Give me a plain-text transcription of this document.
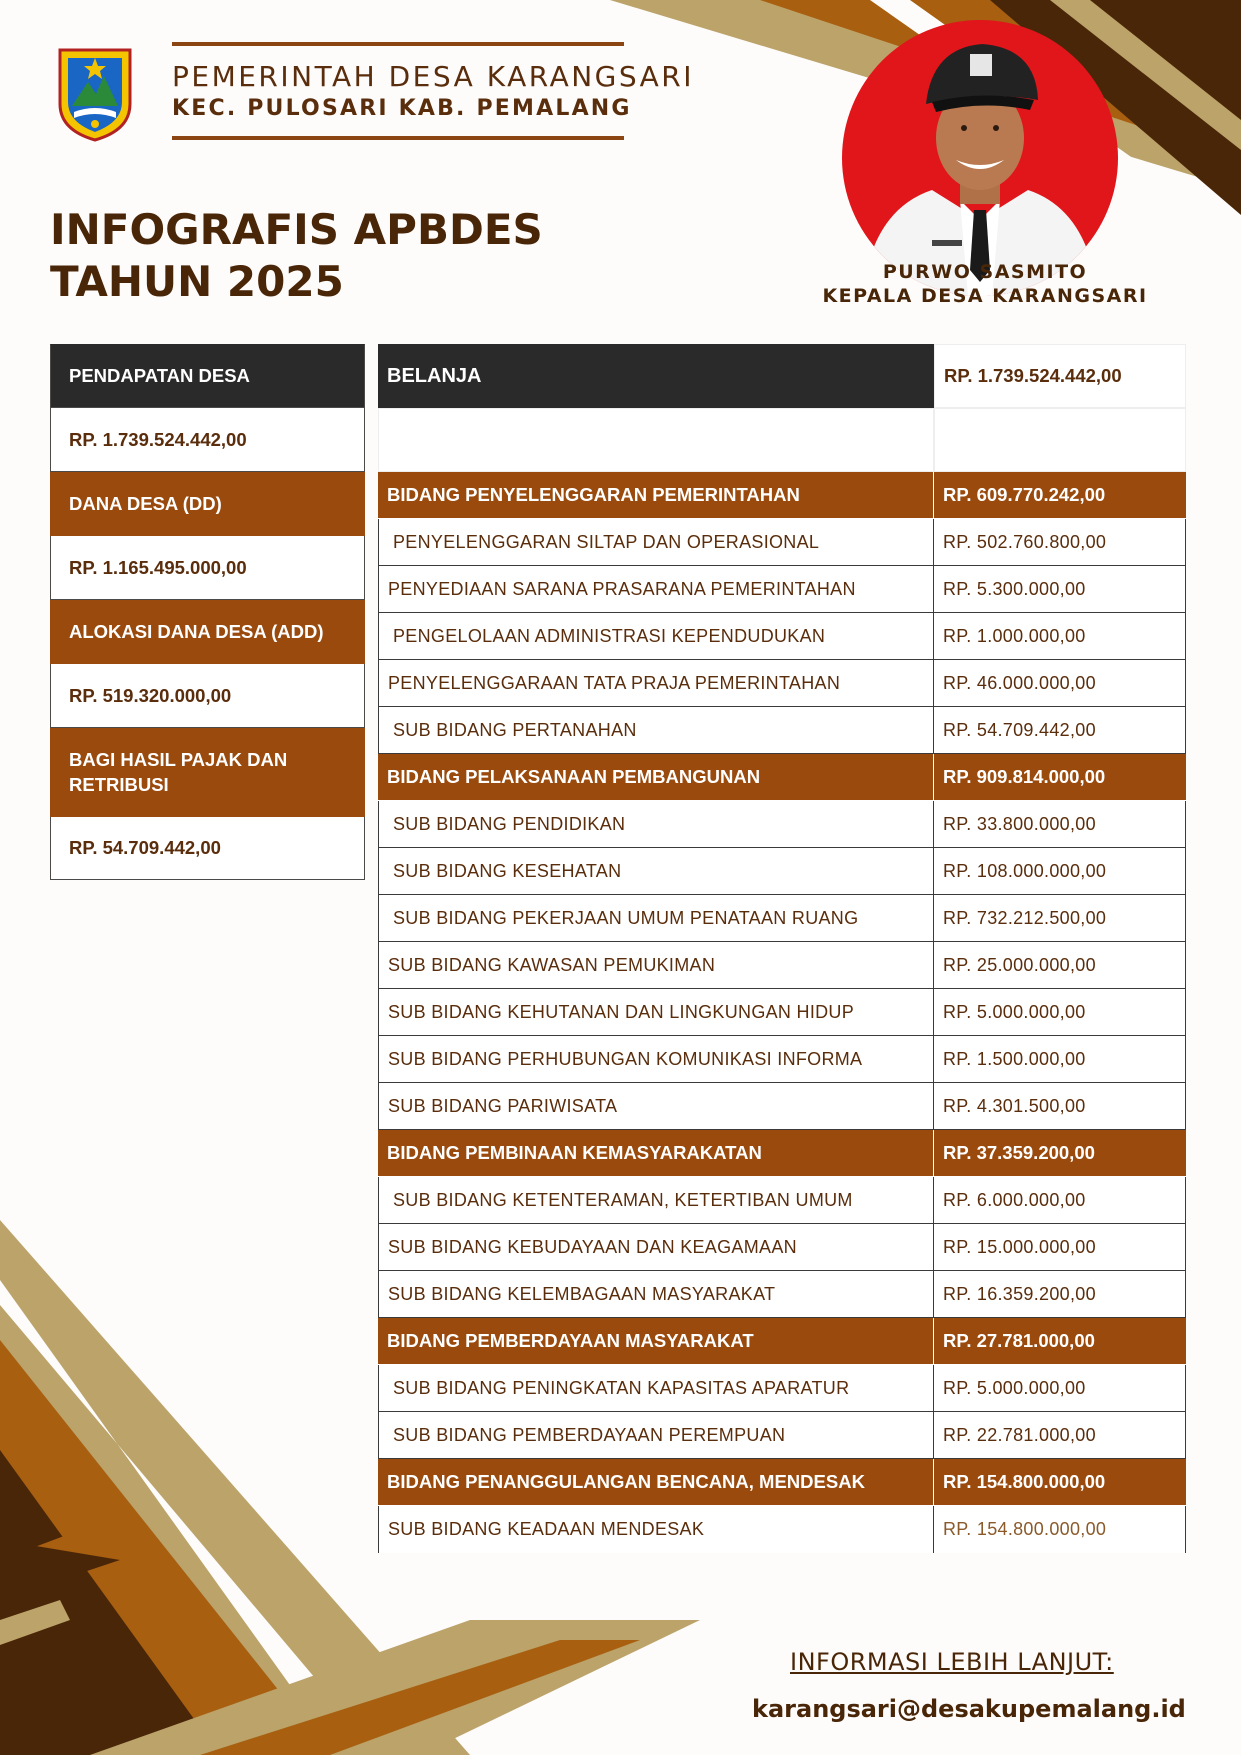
PEMERINTAH DESA KARANGSARI
KEC. PULOSARI KAB. PEMALANG
INFOGRAFIS APBDES
TAHUN 2025	PURWO SASMITO
KEPALA DESA KARANGSARI
PENDAPATAN DESA
RP. 1.739.524.442,00
DANA DESA (DD)
RP. 1.165.495.000,00
ALOKASI DANA DESA (ADD)
RP. 519.320.000,00
BAGI HASIL PAJAK DAN RETRIBUSI
RP. 54.709.442,00
BELANJA	RP. 1.739.524.442,00
BIDANG PENYELENGGARAN PEMERINTAHAN	RP. 609.770.242,00
PENYELENGGARAN SILTAP DAN OPERASIONAL	RP. 502.760.800,00
PENYEDIAAN SARANA PRASARANA PEMERINTAHAN	RP. 5.300.000,00
PENGELOLAAN ADMINISTRASI KEPENDUDUKAN	RP. 1.000.000,00
PENYELENGGARAAN TATA PRAJA PEMERINTAHAN	RP. 46.000.000,00
SUB BIDANG PERTANAHAN	RP. 54.709.442,00
BIDANG PELAKSANAAN PEMBANGUNAN	RP. 909.814.000,00
SUB BIDANG PENDIDIKAN	RP. 33.800.000,00
SUB BIDANG KESEHATAN	RP. 108.000.000,00
SUB BIDANG PEKERJAAN UMUM PENATAAN RUANG	RP. 732.212.500,00
SUB BIDANG KAWASAN PEMUKIMAN	RP. 25.000.000,00
SUB BIDANG KEHUTANAN DAN LINGKUNGAN HIDUP	RP. 5.000.000,00
SUB BIDANG PERHUBUNGAN KOMUNIKASI INFORMA	RP. 1.500.000,00
SUB BIDANG PARIWISATA	RP. 4.301.500,00
BIDANG PEMBINAAN KEMASYARAKATAN	RP. 37.359.200,00
SUB BIDANG KETENTERAMAN, KETERTIBAN UMUM	RP. 6.000.000,00
SUB BIDANG KEBUDAYAAN DAN KEAGAMAAN	RP. 15.000.000,00
SUB BIDANG KELEMBAGAAN MASYARAKAT	RP. 16.359.200,00
BIDANG PEMBERDAYAAN MASYARAKAT	RP. 27.781.000,00
SUB BIDANG PENINGKATAN KAPASITAS APARATUR	RP. 5.000.000,00
SUB BIDANG PEMBERDAYAAN PEREMPUAN	RP. 22.781.000,00
BIDANG PENANGGULANGAN BENCANA, MENDESAK	RP. 154.800.000,00
SUB BIDANG KEADAAN MENDESAK	RP. 154.800.000,00
INFORMASI LEBIH LANJUT:
karangsari@desakupemalang.id
